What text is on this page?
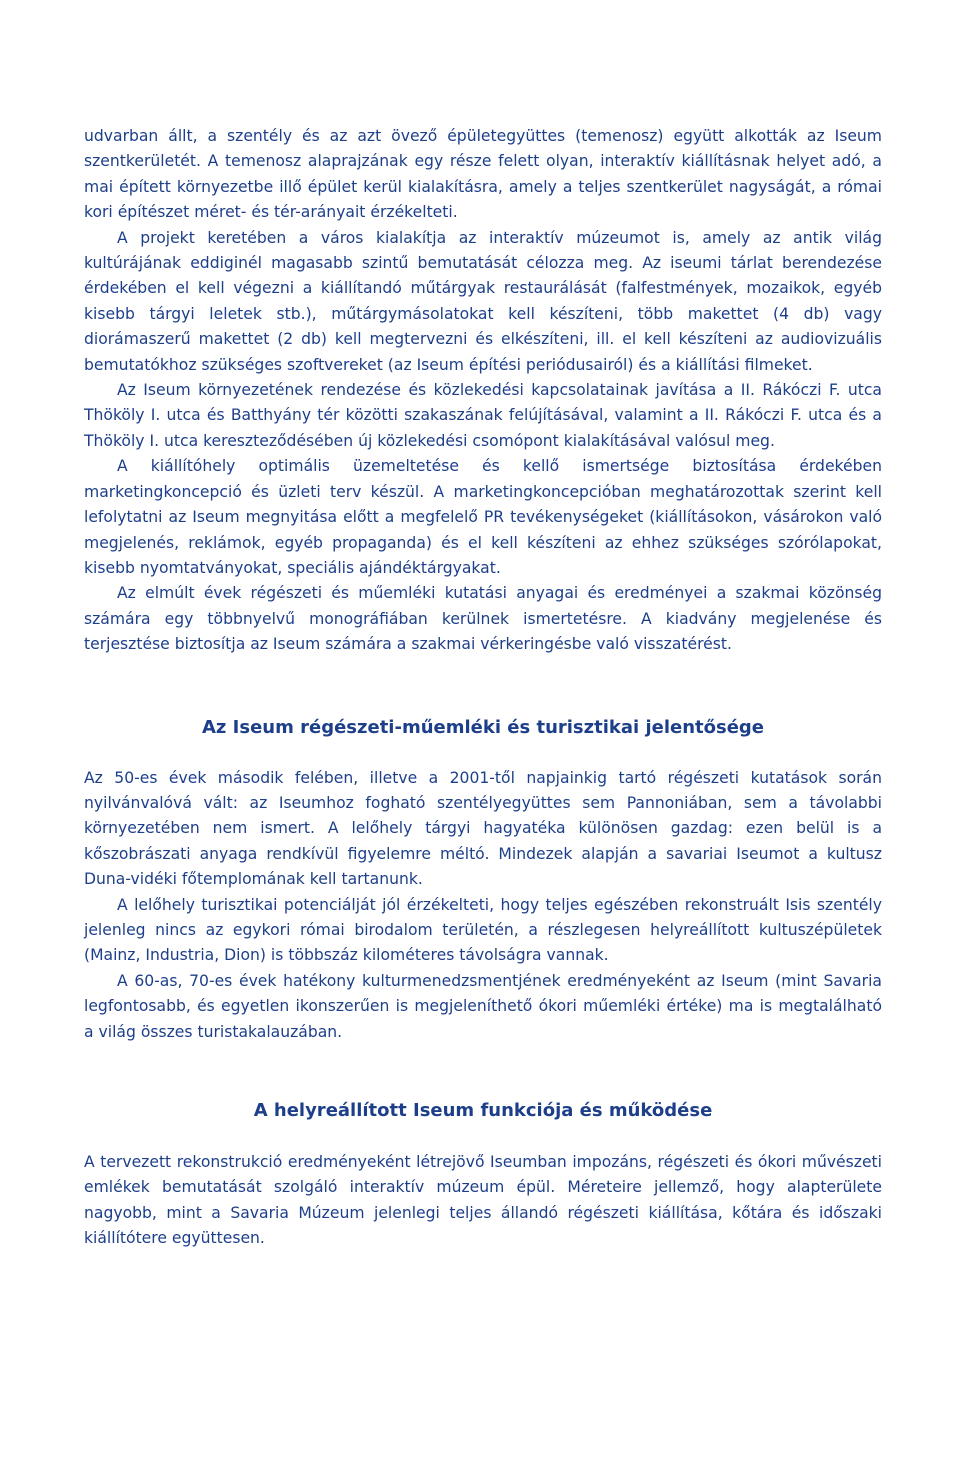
udvarban állt, a szentély és az azt övező épületegyüttes (temenosz) együtt alkották az Iseum szentkerületét. A temenosz alaprajzának egy része felett olyan, interaktív kiállításnak helyet adó, a mai épített környezetbe illő épület kerül kialakításra, amely a teljes szentkerület nagyságát, a római kori építészet méret- és tér-arányait érzékelteti.

A projekt keretében a város kialakítja az interaktív múzeumot is, amely az antik világ kultúrájának eddiginél magasabb szintű bemutatását célozza meg. Az iseumi tárlat berendezése érdekében el kell végezni a kiállítandó műtárgyak restaurálását (falfestmények, mozaikok, egyéb kisebb tárgyi leletek stb.), műtárgymásolatokat kell készíteni, több makettet (4 db) vagy diorámaszerű makettet (2 db) kell megtervezni és elkészíteni, ill. el kell készíteni az audiovizuális bemutatókhoz szükséges szoftvereket (az Iseum építési periódusairól) és a kiállítási filmeket.

Az Iseum környezetének rendezése és közlekedési kapcsolatainak javítása a II. Rákóczi F. utca Thököly I. utca és Batthyány tér közötti szakaszának felújításával, valamint a II. Rákóczi F. utca és a Thököly I. utca kereszteződésében új közlekedési csomópont kialakításával valósul meg.

A kiállítóhely optimális üzemeltetése és kellő ismertsége biztosítása érdekében marketingkoncepció és üzleti terv készül. A marketingkoncepcióban meghatározottak szerint kell lefolytatni az Iseum megnyitása előtt a megfelelő PR tevékenységeket (kiállításokon, vásárokon való megjelenés, reklámok, egyéb propaganda) és el kell készíteni az ehhez szükséges szórólapokat, kisebb nyomtatványokat, speciális ajándéktárgyakat.

Az elmúlt évek régészeti és műemléki kutatási anyagai és eredményei a szakmai közönség számára egy többnyelvű monográfiában kerülnek ismertetésre. A kiadvány megjelenése és terjesztése biztosítja az Iseum számára a szakmai vérkeringésbe való visszatérést.

Az Iseum régészeti-műemléki és turisztikai jelentősége

Az 50-es évek második felében, illetve a 2001-től napjainkig tartó régészeti kutatások során nyilvánvalóvá vált: az Iseumhoz fogható szentélyegyüttes sem Pannoniában, sem a távolabbi környezetében nem ismert. A lelőhely tárgyi hagyatéka különösen gazdag: ezen belül is a kőszobrászati anyaga rendkívül figyelemre méltó. Mindezek alapján a savariai Iseumot a kultusz Duna-vidéki főtemplomának kell tartanunk.

A lelőhely turisztikai potenciálját jól érzékelteti, hogy teljes egészében rekonstruált Isis szentély jelenleg nincs az egykori római birodalom területén, a részlegesen helyreállított kultuszépületek (Mainz, Industria, Dion) is többszáz kilométeres távolságra vannak.

A 60-as, 70-es évek hatékony kulturmenedzsmentjének eredményeként az Iseum (mint Savaria legfontosabb, és egyetlen ikonszerűen is megjeleníthető ókori műemléki értéke) ma is megtalálható a világ összes turistakalauzában.

A helyreállított Iseum funkciója és működése

A tervezett rekonstrukció eredményeként létrejövő Iseumban impozáns, régészeti és ókori művészeti emlékek bemutatását szolgáló interaktív múzeum épül. Méreteire jellemző, hogy alapterülete nagyobb, mint a Savaria Múzeum jelenlegi teljes állandó régészeti kiállítása, kőtára és időszaki kiállítótere együttesen.
